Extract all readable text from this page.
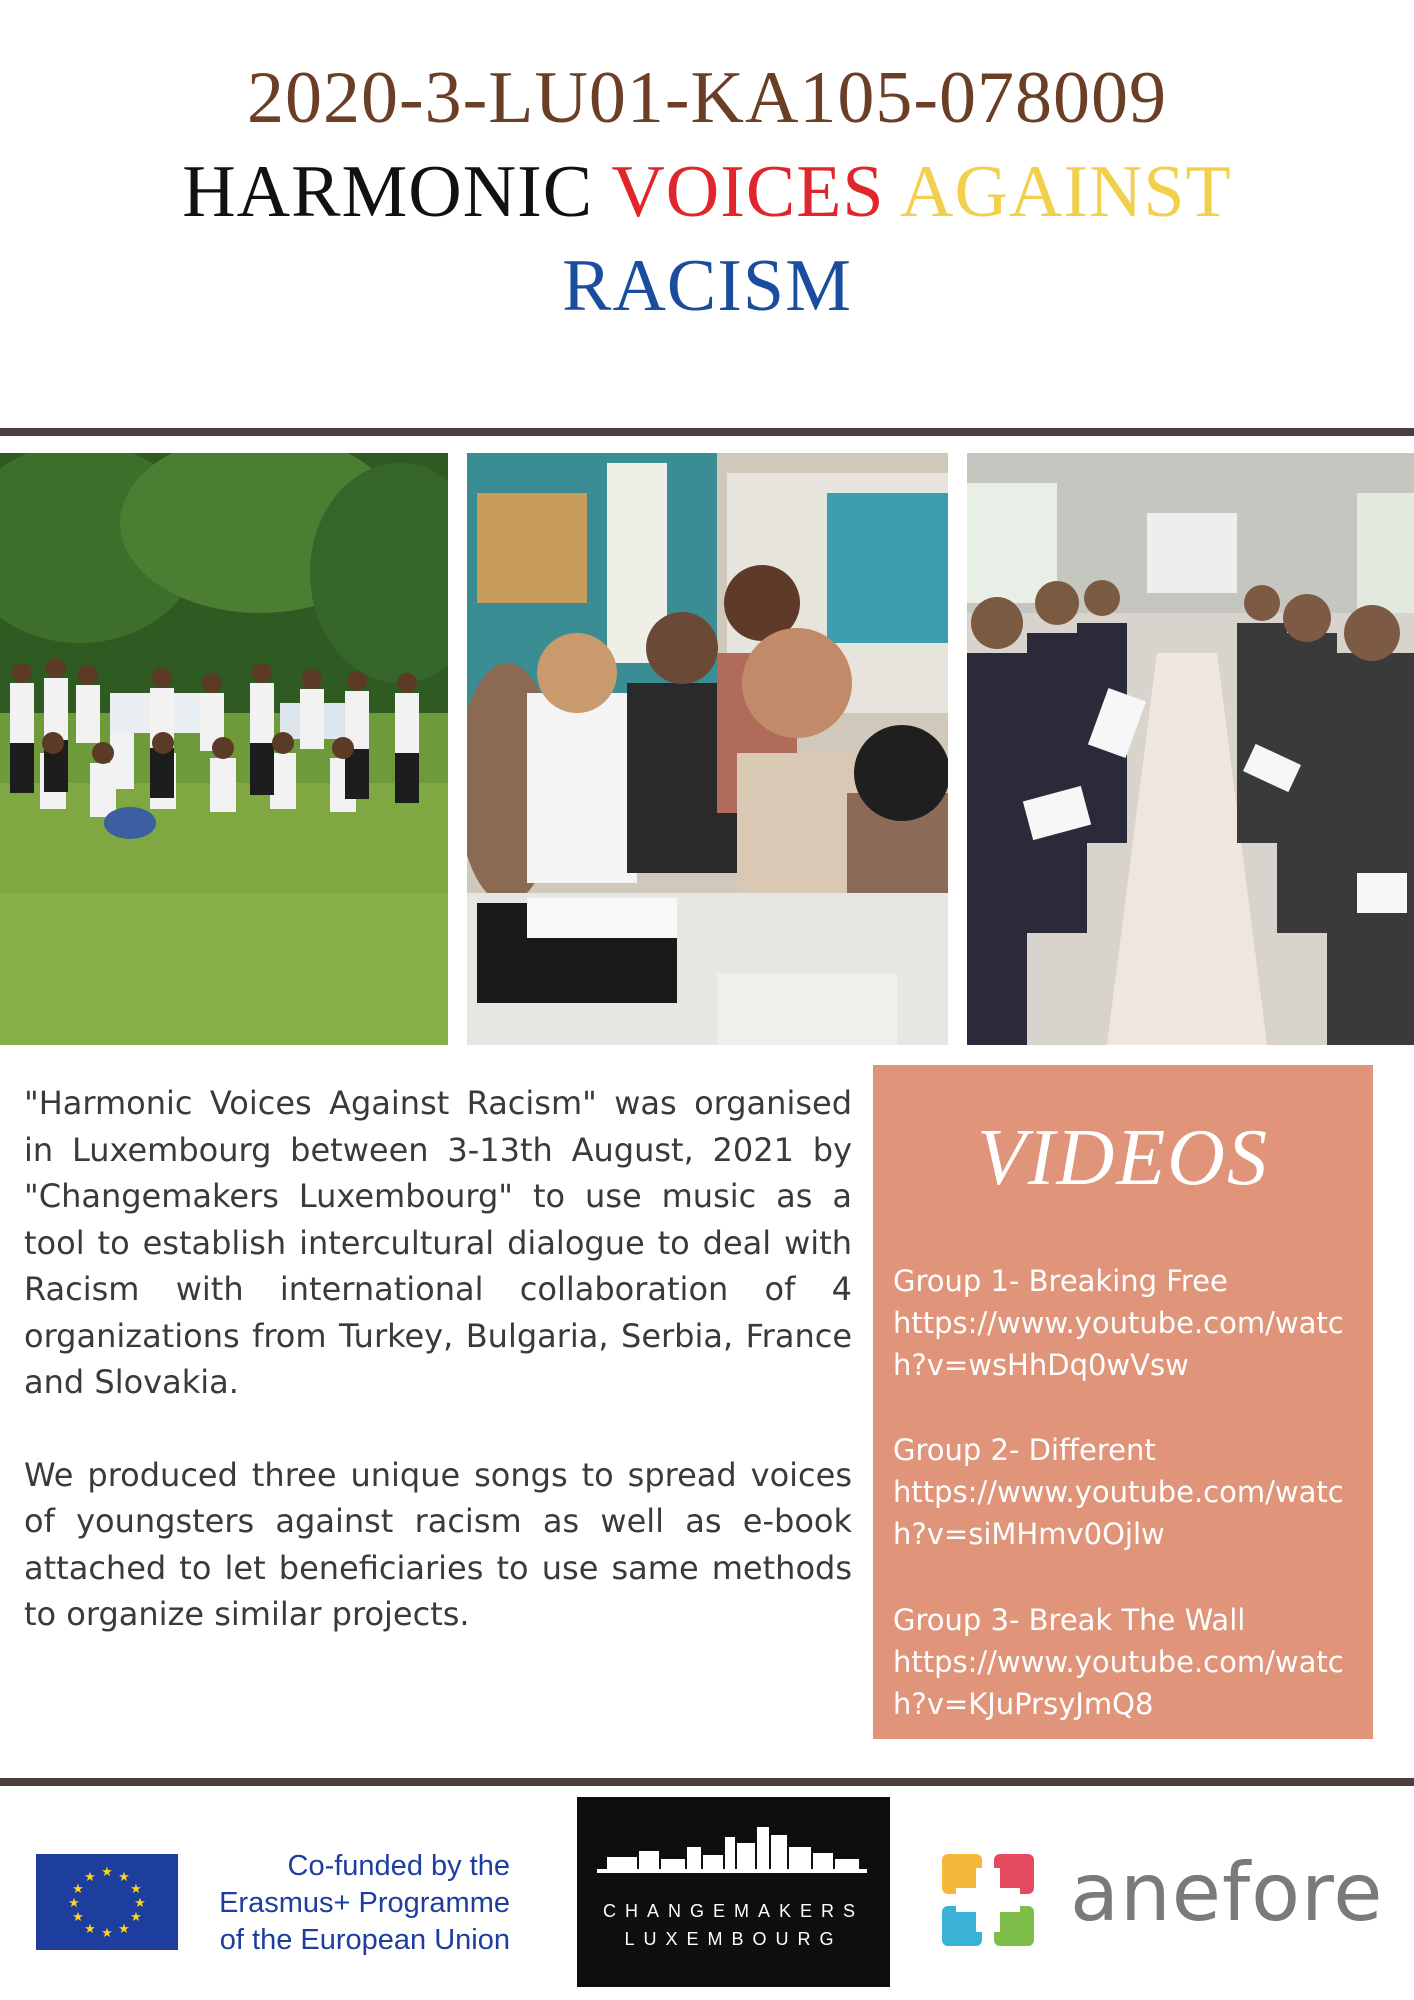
2020-3-LU01-KA105-078009
HARMONIC VOICES AGAINST
RACISM

"Harmonic Voices Against Racism" was organised in Luxembourg between 3-13th August, 2021 by "Changemakers Luxembourg" to use music as a tool to establish intercultural dialogue to deal with Racism with international collaboration of 4 organizations from Turkey, Bulgaria, Serbia, France and Slovakia.

We produced three unique songs to spread voices of youngsters against racism as well as e-book attached to let beneficiaries to use same methods to organize similar projects.

VIDEOS
Group 1- Breaking Free
https://www.youtube.com/watch?v=wsHhDq0wVsw
Group 2- Different
https://www.youtube.com/watch?v=siMHmv0Ojlw
Group 3- Break The Wall
https://www.youtube.com/watch?v=KJuPrsyJmQ8
★ ★
★
★
★
★
★
★
★
★
★
★	Co-funded by the
Erasmus+ Programme
of the European Union
CHANGEMAKERS
LUXEMBOURG	anefore
